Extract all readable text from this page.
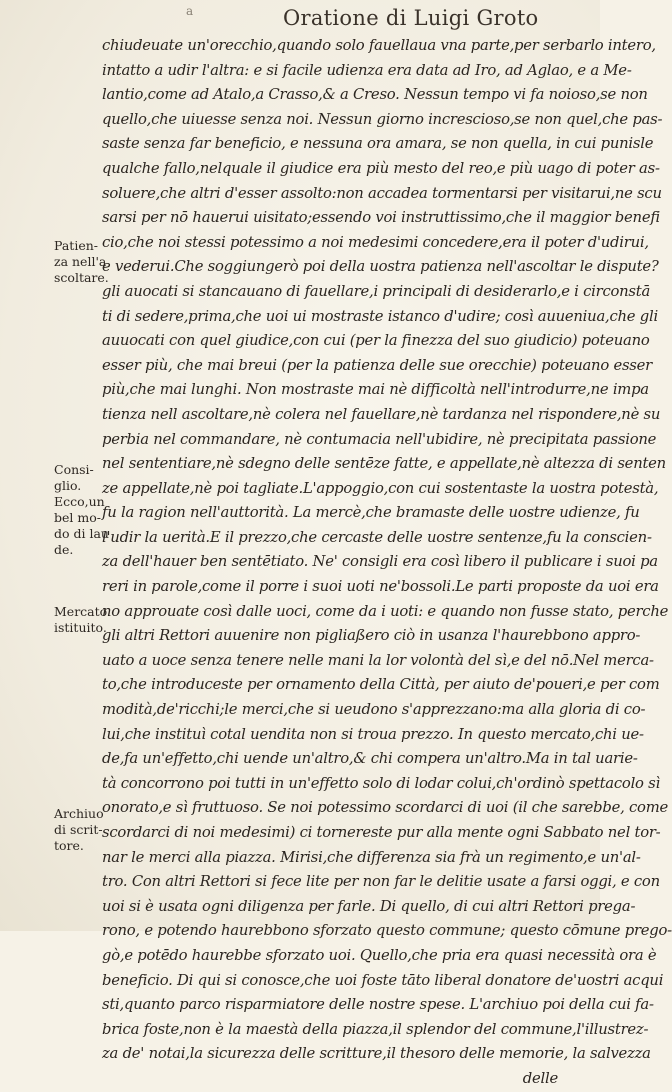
a	Oratione di Luigi Groto
chiudeuate un'orecchio,quando solo fauellaua vna parte,per serbarlo intero,
intatto a udir l'altra: e si facile udienza era data ad Iro, ad Aglao, e a Me-
lantio,come ad Atalo,a Crasso,& a Creso. Nessun tempo vi fa noioso,se non
quello,che uiuesse senza noi. Nessun giorno increscioso,se non quel,che pas-
saste senza far beneficio, e nessuna ora amara, se non quella, in cui punisle
qualche fallo,nelquale il giudice era più mesto del reo,e più uago di poter as-
soluere,che altri d'esser assolto:non accadea tormentarsi per visitarui,ne scu
sarsi per nō hauerui uisitato;essendo voi instruttissimo,che il maggior benefi
cio,che noi stessi potessimo a noi medesimi concedere,era il poter d'udirui,
e vederui.Che soggiungerò poi della uostra patienza nell'ascoltar le dispute?
gli auocati si stancauano di fauellare,i principali di desiderarlo,e i circonstā
ti di sedere,prima,che uoi ui mostraste istanco d'udire; così auueniua,che gli
auuocati con quel giudice,con cui (per la finezza del suo giudicio) poteuano
esser più, che mai breui (per la patienza delle sue orecchie) poteuano esser
più,che mai lunghi. Non mostraste mai nè difficoltà nell'introdurre,ne impa
tienza nell ascoltare,nè colera nel fauellare,nè tardanza nel rispondere,nè su
perbia nel commandare, nè contumacia nell'ubidire, nè precipitata passione
nel sententiare,nè sdegno delle sentēze fatte, e appellate,nè altezza di senten
ze appellate,nè poi tagliate.L'appoggio,con cui sostentaste la uostra potestà,
fu la ragion nell'auttorità. La mercè,che bramaste delle uostre udienze, fu
l'udir la uerità.E il prezzo,che cercaste delle uostre sentenze,fu la conscien-
za dell'hauer ben sentētiato. Ne' consigli era così libero il publicare i suoi pa
reri in parole,come il porre i suoi uoti ne'bossoli.Le parti proposte da uoi era
no approuate così dalle uoci, come da i uoti: e quando non fusse stato, perche
gli altri Rettori auuenire non pigliaßero ciò in usanza l'haurebbono appro-
uato a uoce senza tenere nelle mani la lor volontà del sì,e del nō.Nel merca-
to,che introduceste per ornamento della Città, per aiuto de'poueri,e per com
modità,de'ricchi;le merci,che si ueudono s'apprezzano:ma alla gloria di co-
lui,che instituì cotal uendita non si troua prezzo. In questo mercato,chi ue-
de,fa un'effetto,chi uende un'altro,& chi compera un'altro.Ma in tal uarie-
tà concorrono poi tutti in un'effetto solo di lodar colui,ch'ordinò spettacolo sì
onorato,e sì fruttuoso. Se noi potessimo scordarci di uoi (il che sarebbe, come
scordarci di noi medesimi) ci tornereste pur alla mente ogni Sabbato nel tor-
nar le merci alla piazza. Mirisi,che differenza sia frà un regimento,e un'al-
tro. Con altri Rettori si fece lite per non far le delitie usate a farsi oggi, e con
uoi si è usata ogni diligenza per farle. Di quello, di cui altri Rettori prega-
rono, e potendo haurebbono sforzato questo commune; questo cōmune prego-
gò,e potēdo haurebbe sforzato uoi. Quello,che pria era quasi necessità ora è
beneficio. Di qui si conosce,che uoi foste tāto liberal donatore de'uostri acqui
sti,quanto parco risparmiatore delle nostre spese. L'archiuo poi della cui fa-
brica foste,non è la maestà della piazza,il splendor del commune,l'illustrez-
za de' notai,la sicurezza delle scritture,il thesoro delle memorie, la salvezza
delle
Patien-
za nell'a
scoltare.
Consi-
glio.
Ecco,un
bel mo-
do di lau
de.
Mercato
istituito.
Archiuo
di scrit-
tore.
